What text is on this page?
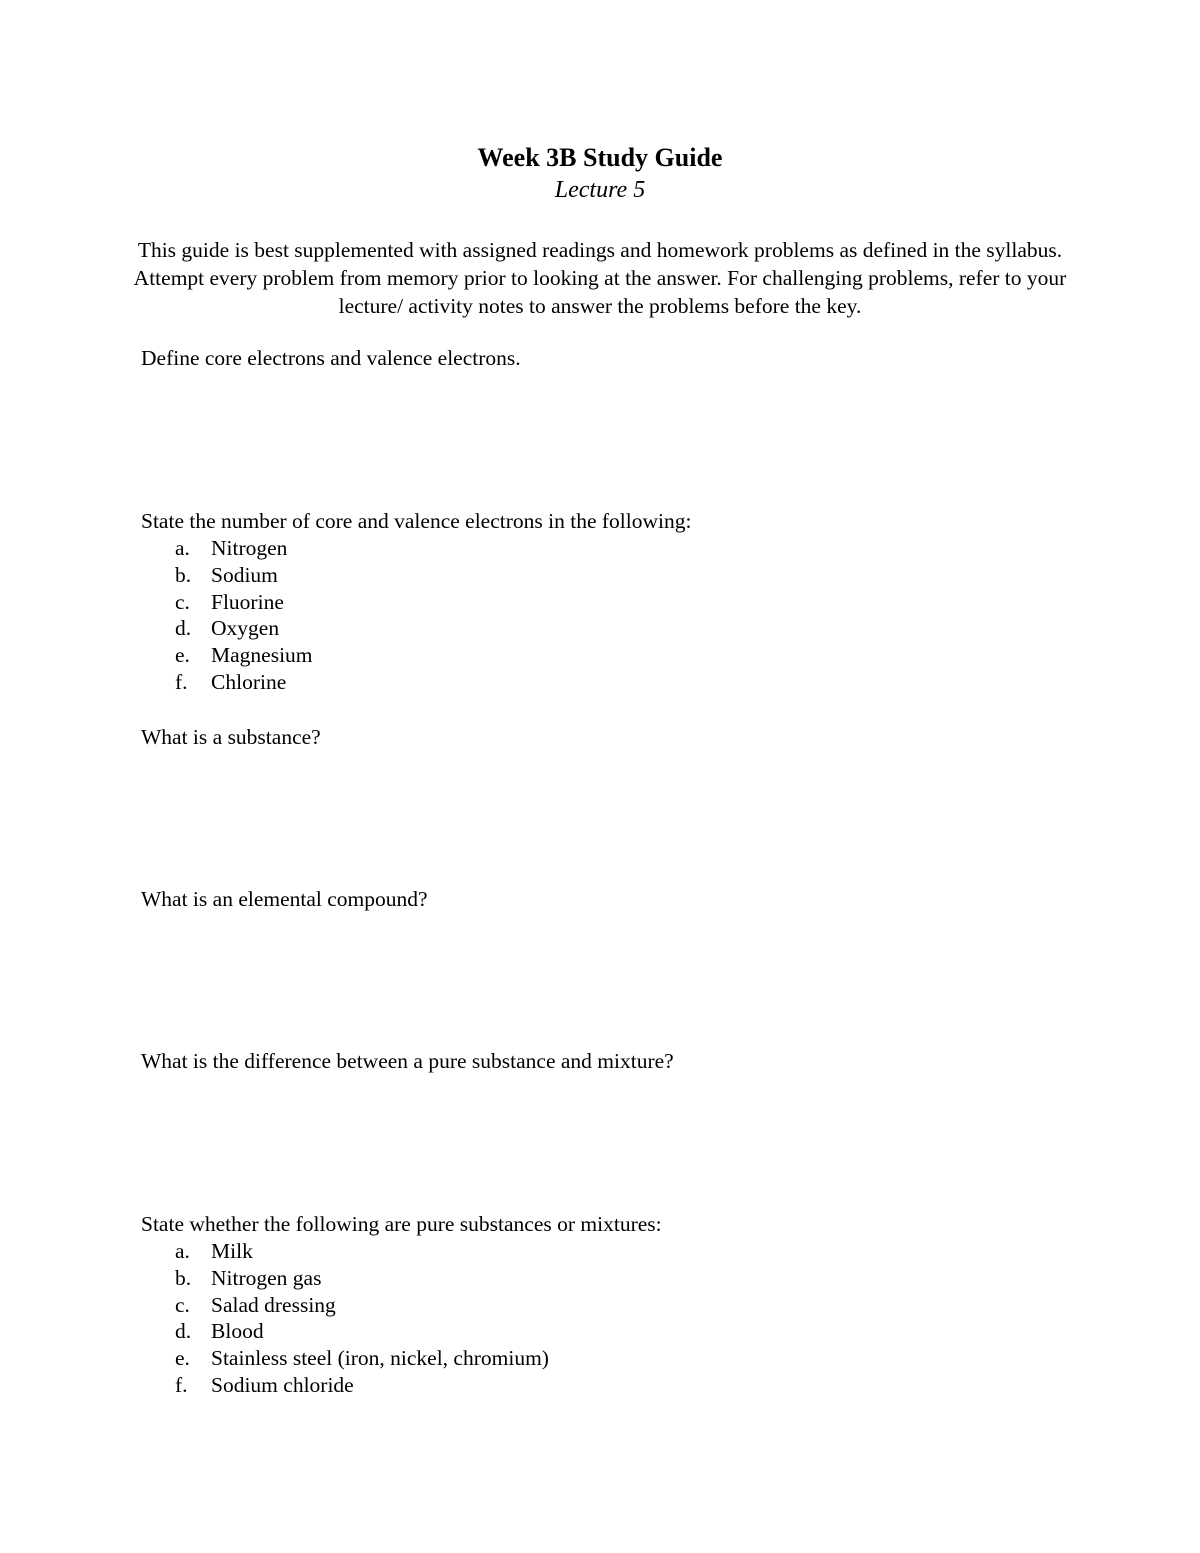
Week 3B Study Guide
Lecture 5
This guide is best supplemented with assigned readings and homework problems as defined in the syllabus. Attempt every problem from memory prior to looking at the answer. For challenging problems, refer to your lecture/ activity notes to answer the problems before the key.
Define core electrons and valence electrons.
State the number of core and valence electrons in the following:
a. Nitrogen
b. Sodium
c. Fluorine
d. Oxygen
e. Magnesium
f. Chlorine
What is a substance?
What is an elemental compound?
What is the difference between a pure substance and mixture?
State whether the following are pure substances or mixtures:
a. Milk
b. Nitrogen gas
c. Salad dressing
d. Blood
e. Stainless steel (iron, nickel, chromium)
f. Sodium chloride
